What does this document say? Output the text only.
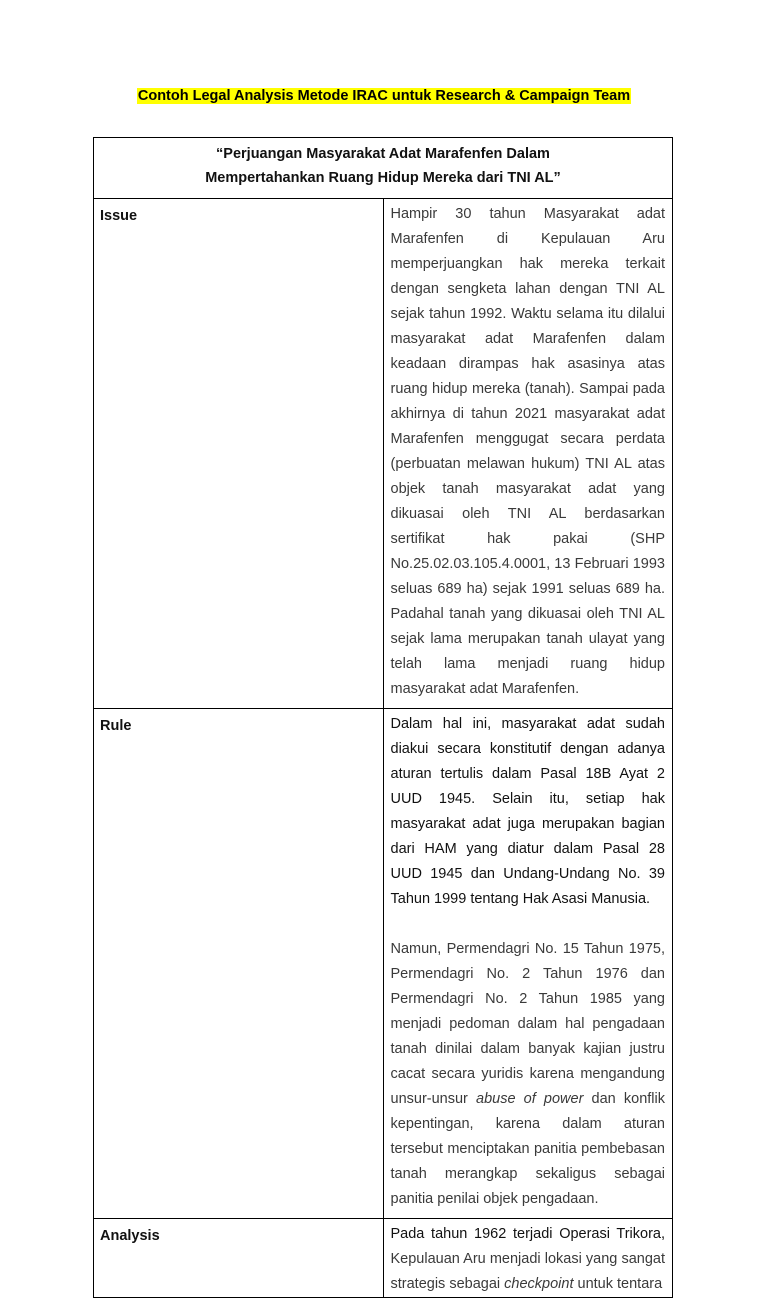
Contoh Legal Analysis Metode IRAC untuk Research & Campaign Team
“Perjuangan Masyarakat Adat Marafenfen Dalam
Mempertahankan Ruang Hidup Mereka dari TNI AL”	

Issue	Hampir 30 tahun Masyarakat adat Marafenfen di Kepulauan Aru memperjuangkan hak mereka terkait dengan sengketa lahan dengan TNI AL sejak tahun 1992. Waktu selama itu dilalui masyarakat adat Marafenfen dalam keadaan dirampas hak asasinya atas ruang hidup mereka (tanah). Sampai pada akhirnya di tahun 2021 masyarakat adat Marafenfen menggugat secara perdata (perbuatan melawan hukum) TNI AL atas objek tanah masyarakat adat yang dikuasai oleh TNI AL berdasarkan sertifikat hak pakai (SHP No.25.02.03.105.4.0001, 13 Februari 1993 seluas 689 ha) sejak 1991 seluas 689 ha. Padahal tanah yang dikuasai oleh TNI AL sejak lama merupakan tanah ulayat yang telah lama menjadi ruang hidup masyarakat adat Marafenfen.

Rule	Dalam hal ini, masyarakat adat sudah diakui secara konstitutif dengan adanya aturan tertulis dalam Pasal 18B Ayat 2 UUD 1945. Selain itu, setiap hak masyarakat adat juga merupakan bagian dari HAM yang diatur dalam Pasal 28 UUD 1945 dan Undang-Undang No. 39 Tahun 1999 tentang Hak Asasi Manusia.

Namun, Permendagri No. 15 Tahun 1975, Permendagri No. 2 Tahun 1976 dan Permendagri No. 2 Tahun 1985 yang menjadi pedoman dalam hal pengadaan tanah dinilai dalam banyak kajian justru cacat secara yuridis karena mengandung unsur-unsur abuse of power dan konflik kepentingan, karena dalam aturan tersebut menciptakan panitia pembebasan tanah merangkap sekaligus sebagai panitia penilai objek pengadaan.

Analysis	Pada tahun 1962 terjadi Operasi Trikora, Kepulauan Aru menjadi lokasi yang sangat strategis sebagai checkpoint untuk tentara
